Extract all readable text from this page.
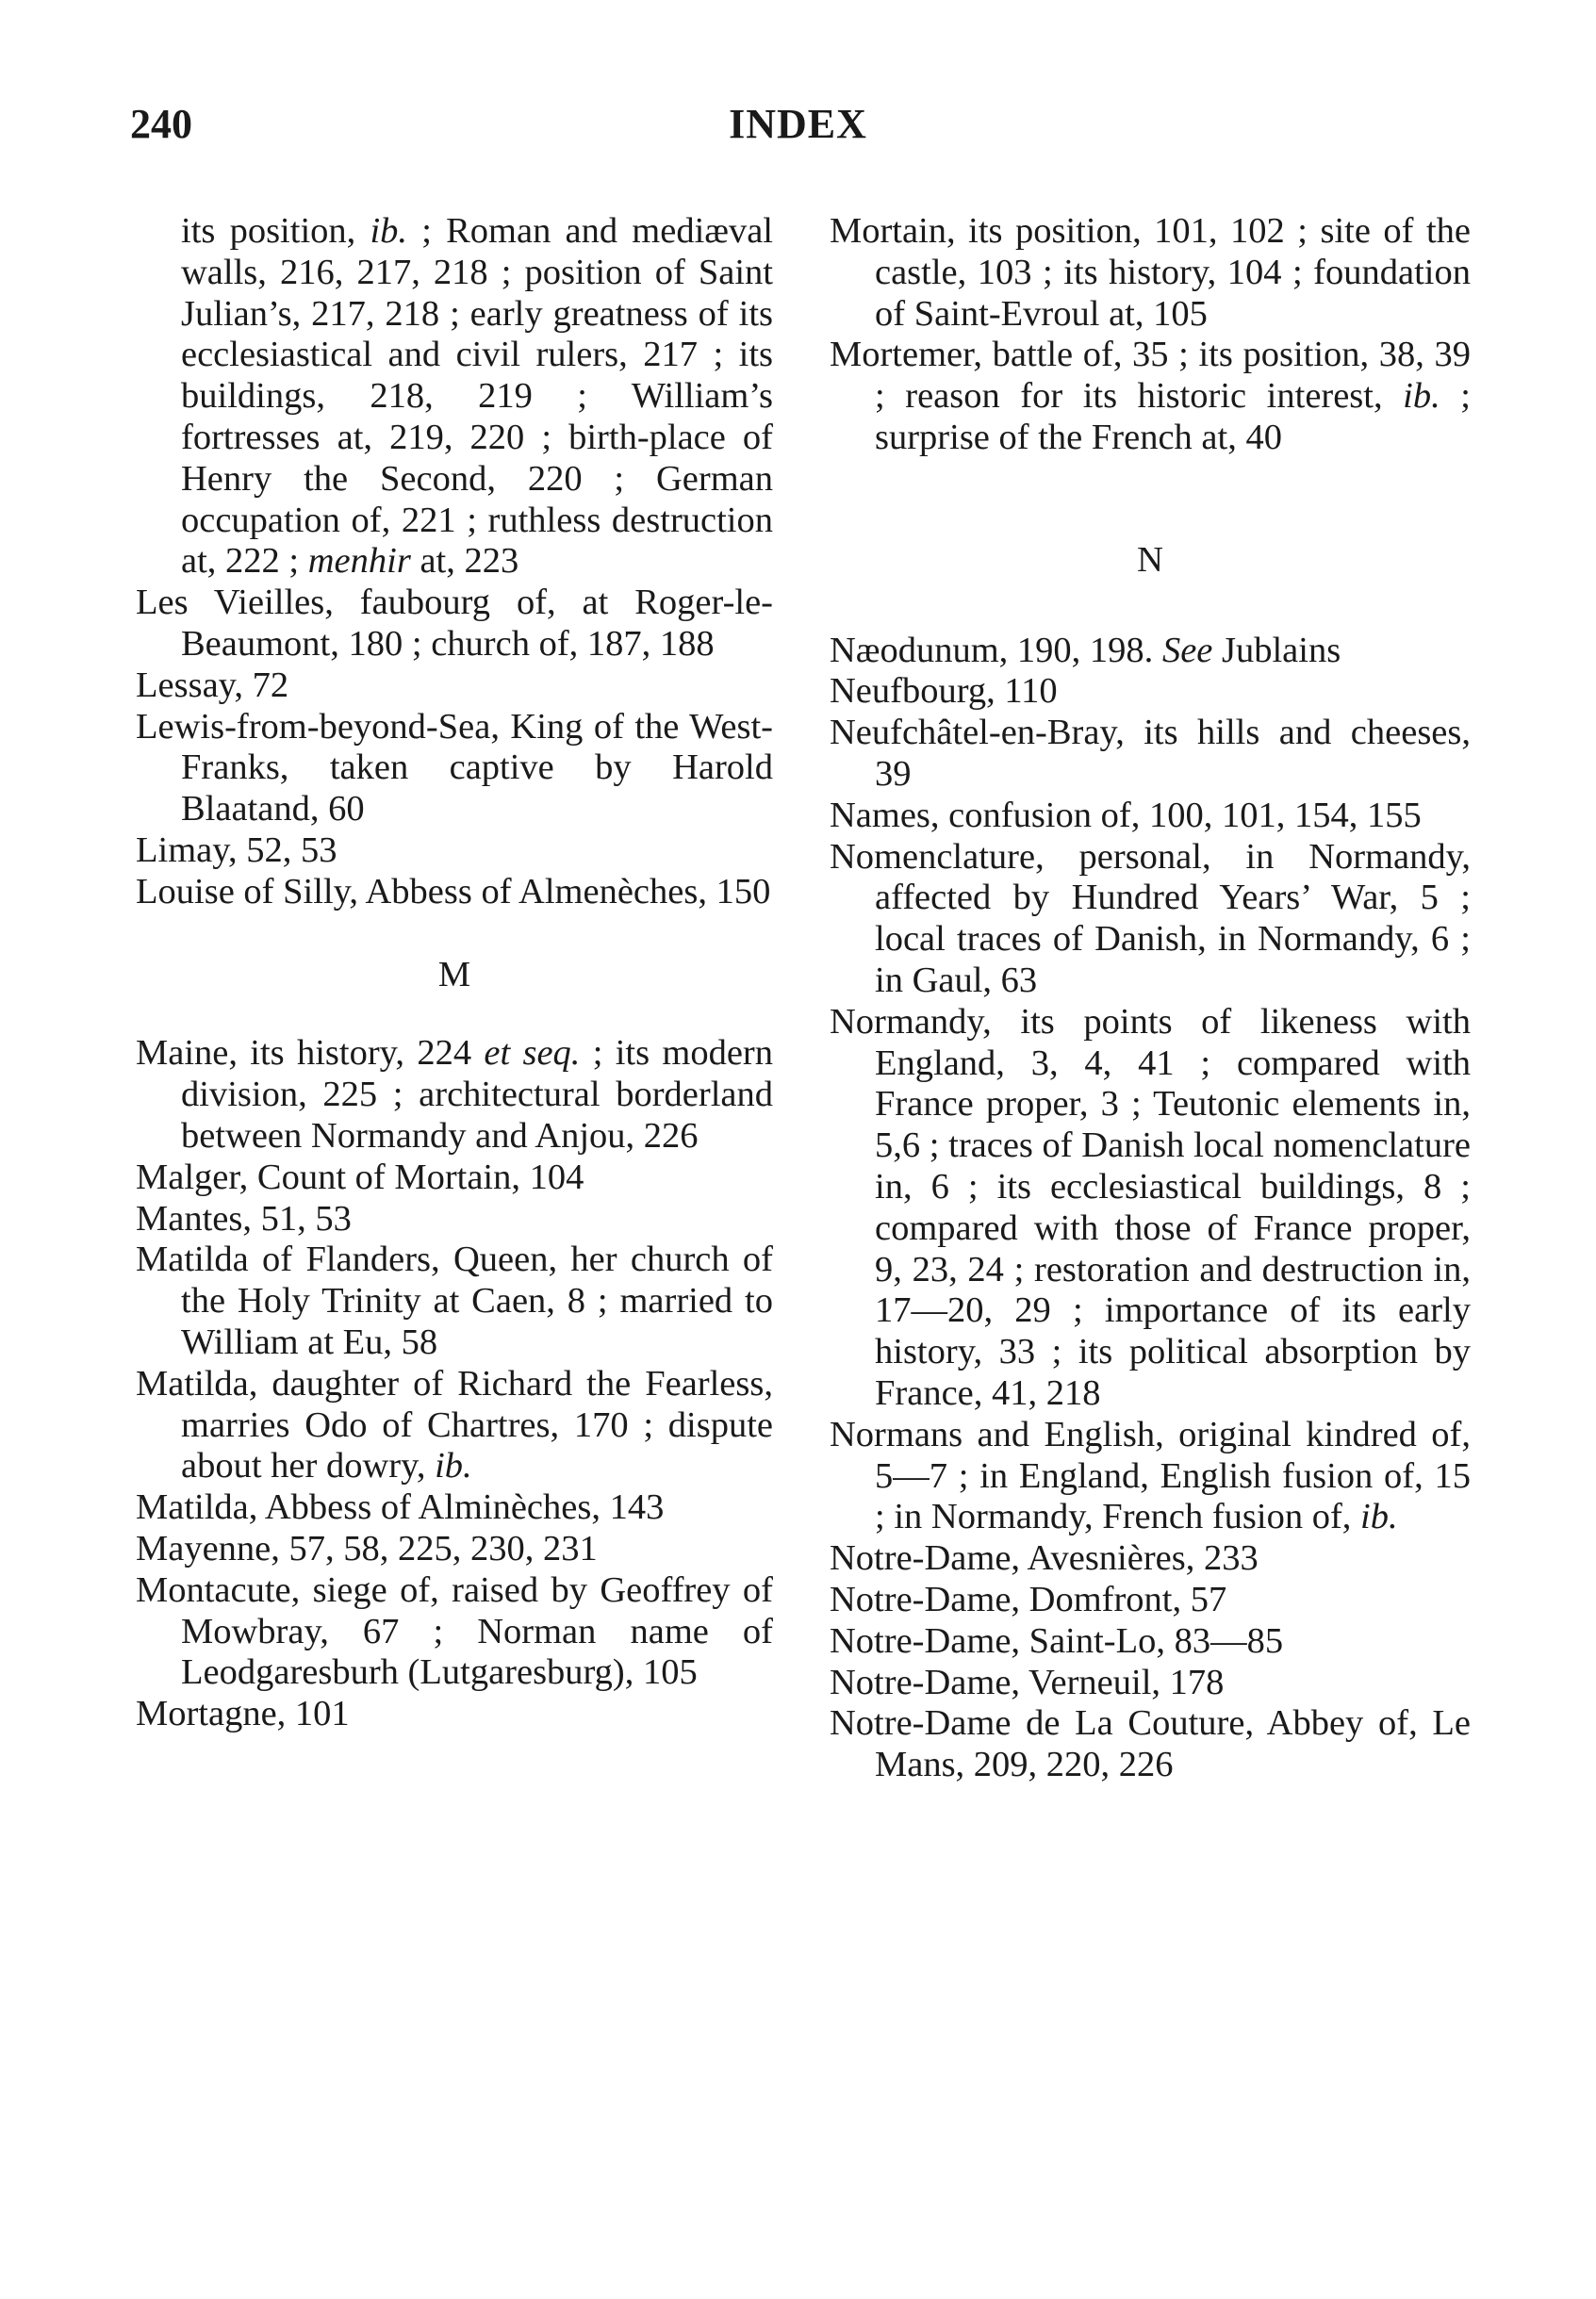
240	INDEX

its position, ib. ; Roman and mediæval walls, 216, 217, 218 ; position of Saint Julian’s, 217, 218 ; early greatness of its ecclesiastical and civil rulers, 217 ; its buildings, 218, 219 ; William’s fortresses at, 219, 220 ; birth-place of Henry the Second, 220 ; German occupation of, 221 ; ruthless destruction at, 222 ; menhir at, 223

Les Vieilles, faubourg of, at Roger-le-Beaumont, 180 ; church of, 187, 188

Lessay, 72

Lewis-from-beyond-Sea, King of the West-Franks, taken captive by Harold Blaatand, 60

Limay, 52, 53

Louise of Silly, Abbess of Almenèches, 150

M

Maine, its history, 224 et seq. ; its modern division, 225 ; architectural borderland between Normandy and Anjou, 226

Malger, Count of Mortain, 104

Mantes, 51, 53

Matilda of Flanders, Queen, her church of the Holy Trinity at Caen, 8 ; married to William at Eu, 58

Matilda, daughter of Richard the Fearless, marries Odo of Chartres, 170 ; dispute about her dowry, ib.

Matilda, Abbess of Alminèches, 143

Mayenne, 57, 58, 225, 230, 231

Montacute, siege of, raised by Geoffrey of Mowbray, 67 ; Norman name of Leodgaresburh (Lutgaresburg), 105

Mortagne, 101

Mortain, its position, 101, 102 ; site of the castle, 103 ; its history, 104 ; foundation of Saint-Evroul at, 105

Mortemer, battle of, 35 ; its position, 38, 39 ; reason for its historic interest, ib. ; surprise of the French at, 40

N

Næodunum, 190, 198. See Jublains

Neufbourg, 110

Neufchâtel-en-Bray, its hills and cheeses, 39

Names, confusion of, 100, 101, 154, 155

Nomenclature, personal, in Normandy, affected by Hundred Years’ War, 5 ; local traces of Danish, in Normandy, 6 ; in Gaul, 63

Normandy, its points of likeness with England, 3, 4, 41 ; compared with France proper, 3 ; Teutonic elements in, 5,6 ; traces of Danish local nomenclature in, 6 ; its ecclesiastical buildings, 8 ; compared with those of France proper, 9, 23, 24 ; restoration and destruction in, 17—20, 29 ; importance of its early history, 33 ; its political absorption by France, 41, 218

Normans and English, original kindred of, 5—7 ; in England, English fusion of, 15 ; in Normandy, French fusion of, ib.

Notre-Dame, Avesnières, 233

Notre-Dame, Domfront, 57

Notre-Dame, Saint-Lo, 83—85

Notre-Dame, Verneuil, 178

Notre-Dame de La Couture, Abbey of, Le Mans, 209, 220, 226
